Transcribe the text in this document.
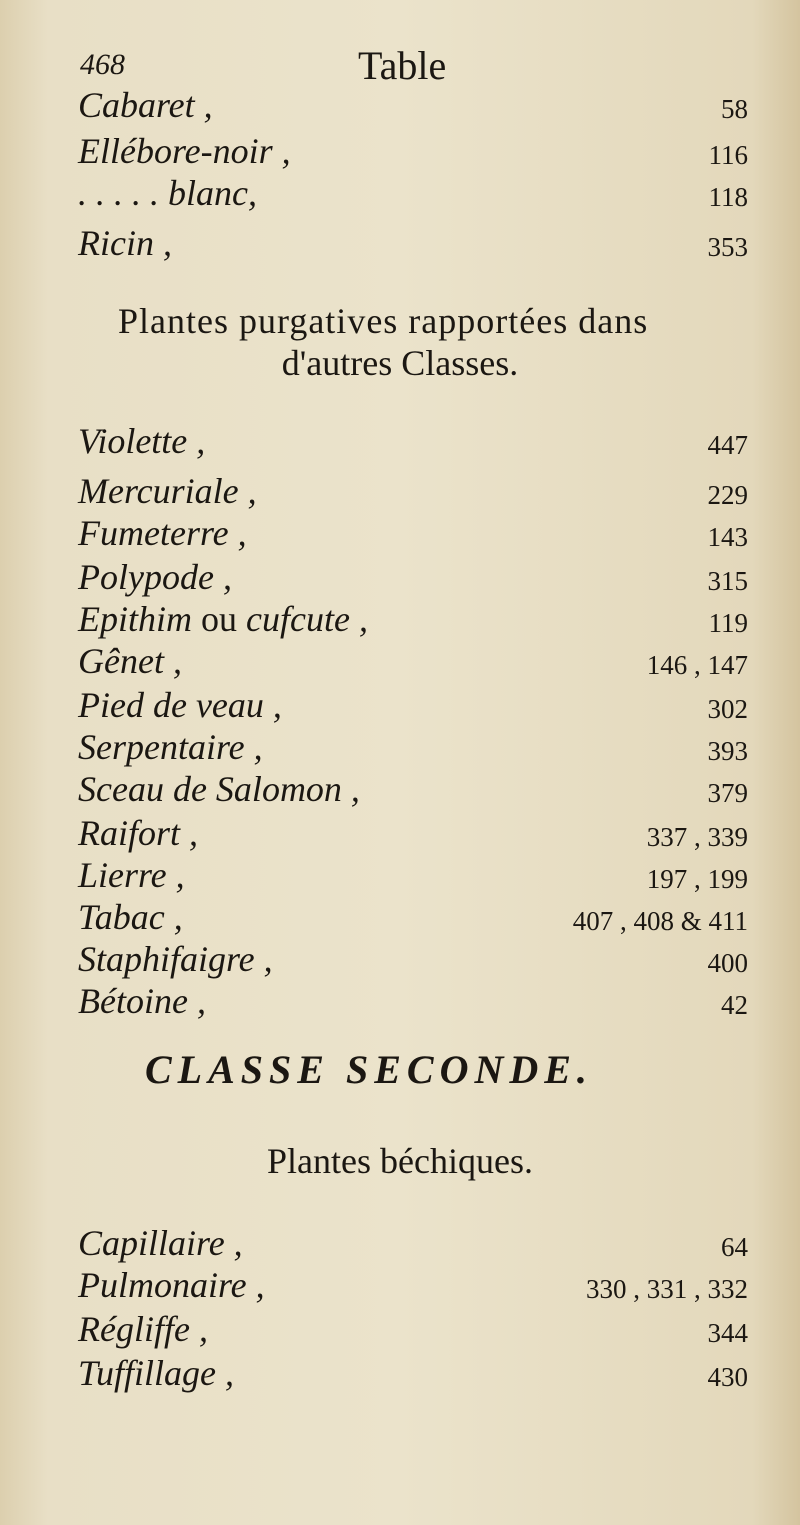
468	Table
Cabaret ,	58
Ellébore-noir ,	116
. . . . . blanc,	118
Ricin ,	353
Plantes purgatives rapportées dans
d'autres Classes.
Violette ,	447
Mercuriale ,	229
Fumeterre ,	143
Polypode ,	315
Epithim ou cufcute ,	119
Gênet ,	146 , 147
Pied de veau ,	302
Serpentaire ,	393
Sceau de Salomon ,	379
Raifort ,	337 , 339
Lierre ,	197 , 199
Tabac ,	407 , 408 & 411
Staphifaigre ,	400
Bétoine ,	42
CLASSE SECONDE.
Plantes béchiques.
Capillaire ,	64
Pulmonaire ,	330 , 331 , 332
Régliffe ,	344
Tuffillage ,	430
